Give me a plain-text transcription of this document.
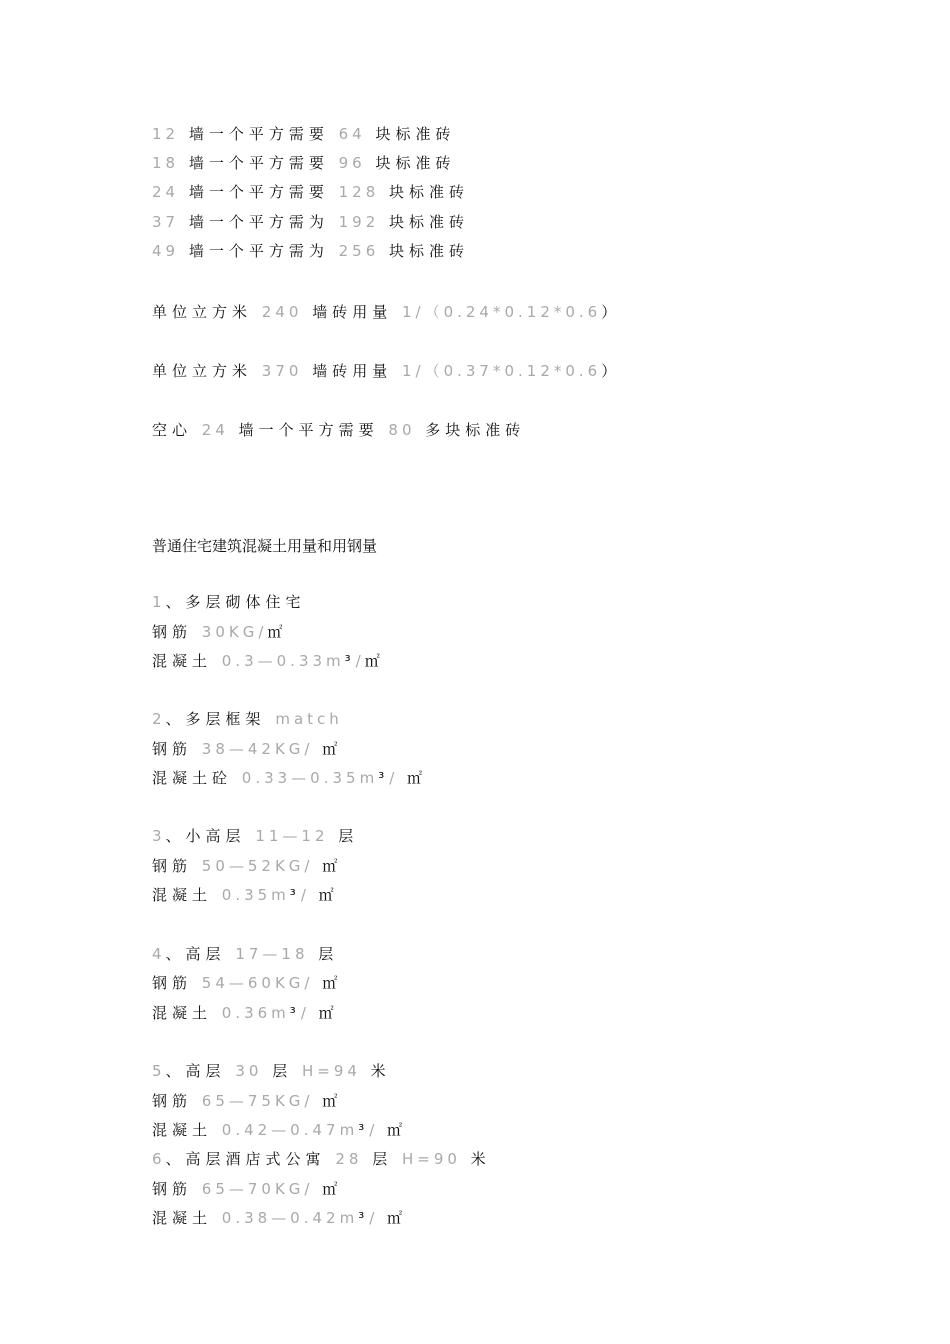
12 墙一个平方需要 64 块标准砖
18 墙一个平方需要 96 块标准砖
24 墙一个平方需要 128 块标准砖
37 墙一个平方需为 192 块标准砖
49 墙一个平方需为 256 块标准砖
单位立方米 240 墙砖用量 1/（0.24*0.12*0.6）
单位立方米 370 墙砖用量 1/（0.37*0.12*0.6）
空心 24 墙一个平方需要 80 多块标准砖
普通住宅建筑混凝土用量和用钢量
1、多层砌体住宅
钢筋 30KG/㎡
混凝土 0.3—0.33m³/㎡
2、多层框架 match
钢筋 38—42KG/ ㎡
混凝土砼 0.33—0.35m³/ ㎡
3、小高层 11—12 层
钢筋 50—52KG/ ㎡
混凝土 0.35m³/ ㎡
4、高层 17—18 层
钢筋 54—60KG/ ㎡
混凝土 0.36m³/ ㎡
5、高层 30 层 H=94 米
钢筋 65—75KG/ ㎡
混凝土 0.42—0.47m³/ ㎡
6、高层酒店式公寓 28 层 H=90 米
钢筋 65—70KG/ ㎡
混凝土 0.38—0.42m³/ ㎡
